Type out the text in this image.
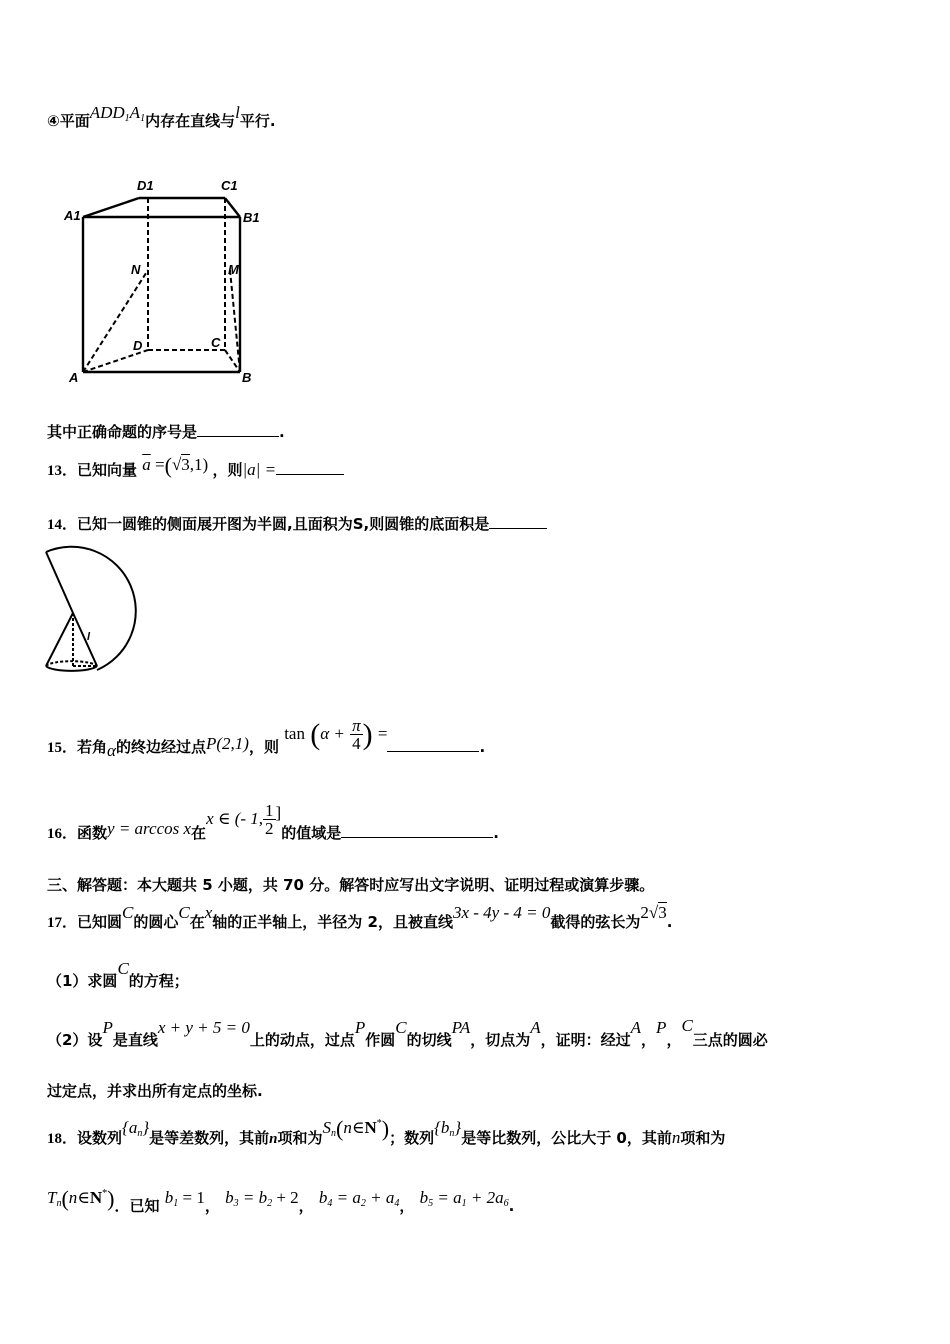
④平面$ADD_1A_1$内存在直线与l平行.
D1	C1
A1	B1
N	M
D	C
A	B
其中正确命题的序号是	.
13．已知向量 $\overline{a} =(√3,1)$ ，则|a| =
14．已知一圆锥的侧面展开图为半圆,且面积为S,则圆锥的底面积是
l
15．若角α的终边经过点P(2,1)，则 $\tan (\alpha + \frac{\pi}{4}$ ) =.
16．函数y = arccos x在x ∈ (- 1, $\frac{1}{2}$ ]的值域是	.
三、解答题：本大题共 5 小题，共 70 分。解答时应写出文字说明、证明过程或演算步骤。
17．已知圆C的圆心C在x轴的正半轴上，半径为 2，且被直线3x - 4y - 4 = 0截得的弦长为2√3.
（1）求圆C的方程；
（2）设P是直线x + y + 5 = 0上的动点，过点P作圆C的切线PA，切点为A，证明：经过A，P，C三点的圆必
过定点，并求出所有定点的坐标.
18．设数列$\{a_n\}$是等差数列，其前n项和为$S_n(n\in N^*)$；数列$\{b_n\}$是等比数列，公比大于 0，其前n项和为
$T_n(n\in N^*)$．已知 $b_1 = 1$， $b_3 = b_2 + 2$， $b_4 = a_2 + a_4$， $b_5 = a_1 + 2a_6$.
